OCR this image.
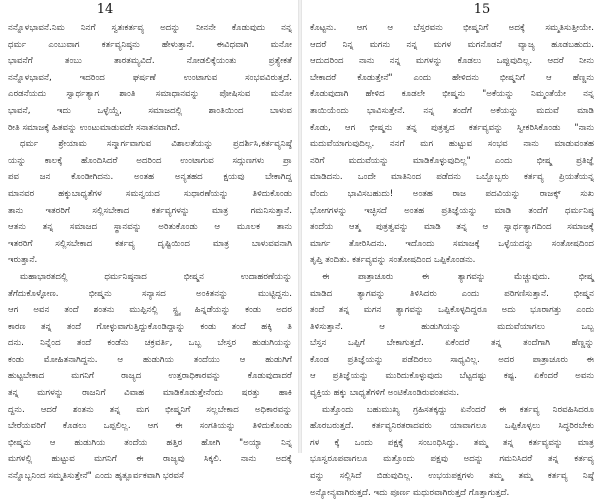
14
ನನ್ನೊಳಭಾವನೆ.ನಿಮ ನಿನಗೆ ಸ್ವತಃಕರ್ತವ್ಯ ಅದನ್ನು ನೀನನೇ ಕೊಡುವುದು ನನ್ನ
ಧರ್ಮ ಎಂಬುವಾಗ ಕರ್ತವ್ಯನಿಷ್ಠನು ಹೇಳುತ್ತಾನೆ. ಈವಿಧವಾಗಿ ಮನೋ
ಭಾವನೆಗೆ ತಂಬು ತಾರತಮ್ಯವಿದೆ. ನೋಡಲಿಕ್ಕೆಯಂತು ಪ್ರತ್ಯೇಕತೆ
ನನ್ನೊಳಭಾವನೆ, ಇದರಿಂದ ಘರ್ಷಣೆ ಉಂಟಾಗುವ ಸಂಭವವಿರುತ್ತದೆ.
ಎರಡನೆಯದು ಸ್ವಾರ್ಥತ್ಯಾಗ ಶಾಂತಿ ಸಮಾಧಾನವನ್ನು ಪೋಷಿಸುವ ಮನೋ
ಭಾವನೆ, ಇದು ಒಳ್ಳೆಯ್ದೆ, ಸಮಾಜದಲ್ಲಿ ಶಾಂತಿಯಿಂದ ಬಾಳುವ
ರೀತಿ ಸಮಾಜಕ್ಕೆ ಹಿತವನ್ನು ಉಂಟುಮಾಡುವದೇ ಸನಾತನವಾಗಿದೆ.
ಧರ್ಮ ಶ್ರೇಯಾಮ ಸನ್ಮಾರ್ಗವಾಗುವ ವಿಶಾಲತೆಯನ್ನು ಪ್ರದರ್ಶಿಸಿ,ಕರ್ತವ್ಯನಿಷ್ಠೆ
ಯನ್ನು ಕಾಲಕ್ಕೆ ಹೊಂದಿಸಿದರೆ ಅದರಿಂದ ಉಂಟಾಗುವ ಸದ್ಗುಣಗಳು ಪ್ರಾ
ಪವ ಜನ ಕೊಂಡೀಗಿದನು. ಅಂತಹ ಅನ್ಯತಹದ ಕ್ಷಯವು ಬೇಕಾಗಿದ್ದ
ಮಾನವರ ಹಕ್ಕುಬಾಧ್ಯತೆಗಳ ಸಮನ್ವಯದ ಸುಧಾರಣೆಯನ್ನು ತಿಳಿದುಕೊಂಡು
ತಾನು ಇತರರಿಗೆ ಸಲ್ಲಿಸಬೇಕಾದ ಕರ್ತವ್ಯಗಳನ್ನು ಮಾತ್ರ ಗಮನಿಸುತ್ತಾನೆ.
ಆತನು ತನ್ನ ಸಮಾಜದ ಸ್ಥಾನವನ್ನು ಅರಿತುಕೊಂಡು ಆ ಮೂಲಕ ತಾನು
ಇತರರಿಗೆ ಸಲ್ಲಿಸಬೇಕಾದ ಕರ್ತವ್ಯ ದೃಷ್ಟಿಯಿಂದ ಮಾತ್ರ ಬಾಳುವವನಾಗಿ
ಇರುತ್ತಾನೆ.
ಮಹಾಭಾರತದಲ್ಲಿ ಧರ್ಮನಿಷ್ಠನಾದ ಭೀಷ್ಮನ ಉದಾಹರಣೆಯನ್ನು
ತೆಗೆದುಕೊಳ್ಳೋಣ. ಭೀಷ್ಮನು ಸನ್ಯಾಸದ ಅಂಕಿತನನ್ನು ಮುಟ್ಟಿದ್ದನು.
ಆಗ ಅವನ ತಂದೆ ಶಂತನು ಮುಪ್ಪಿನಲ್ಲಿ ಸ್ಟ್ರ್ಯ ಹಿನ್ನಡೆಯನ್ನು ಕಂಡು ಅದರ
ಕಾರಣ ತನ್ನ ತಂದೆ ಗೋಳ್ಳುವಾಗುತ್ತಿದ್ದುಕೊಂಡಿದ್ದಾನ್ನು ಕಂಡು ತಂದೆ ಹಕ್ಕಿ ತಿ
ದನು. ನಿನ್ನೆಂದ ತಂದೆ ಕಂಡೆನು ಚಕ್ರವರ್ತಿ, ಒಬ್ಬ ಬೇಸ್ತರ ಹುಡುಗಿಯನ್ನು
ಕಂಡು ಮೋಹಿತನಾಗಿದ್ದನು. ಆ ಹುಡುಗಿಯ ತಂದೆಯು ಆ ಹುಡುಗಿಗೆ
ಹುಟ್ಟಬೇಕಾದ ಮಗನಿಗೆ ರಾಜ್ಯದ ಉತ್ತರಾಧಿಕಾರವನ್ನು ಕೊಡುವುದಾದರೆ
ತನ್ನ ಮಗಳನ್ನು ರಾಜನಿಗೆ ವಿವಾಹ ಮಾಡಿಕೊಡುತ್ತೇನೆಂದು ಷರತ್ತು ಹಾಕಿ
ದ್ದನು. ಆದರೆ ಶಂತನು ತನ್ನ ಮಗ ಭೀಷ್ಮನಿಗೆ ಸಲ್ಲಬೇಕಾದ ಅಧಿಕಾರವನ್ನು
ಬೇರೆಯವರಿಗೆ ಕೊಡಲು ಒಪ್ಪಲಿಲ್ಲ. ಆಗ ಈ ಸಂಗತಿಯನ್ನು ತಿಳಿದುಕೊಂಡು
ಭೀಷ್ಮನು ಆ ಹುಡುಗಿಯ ತಂದೆಯ ಹತ್ತಿರ ಹೋಗಿ "ಅಯ್ಯಾ ನಿನ್ನ
ಮಗಳಲ್ಲಿ ಹುಟ್ಟುವ ಮಗನಿಗೆ ಈ ರಾಜ್ಯವು ಸಿಕ್ಕಲಿ. ನಾನು ಅದಕ್ಕೆ
ನನ್ನೊಬ್ಬನಿಂದ ಸಮ್ಮತಿಸುತ್ತೇನೆ" ಎಂದು ಹೃತ್ಪೂರ್ವಕವಾಗಿ ಭರವಸೆ
15
ಕೊಟ್ಟನು. ಆಗ ಆ ಬೆಸ್ತರವನು ಭೀಷ್ಮನಿಗೆ ಅದಕ್ಕೆ ಸಮ್ಮತಿಸುತ್ತೀಯೇ.
ಆದರೆ ನಿನ್ನ ಮಗನು ನನ್ನ ಮಗಳ ಮಗನೊಡನೆ ವ್ಯಾಜ್ಯ ಹೂಡಬಹುದು.
ಆದುದರಿಂದ ನಾನು ನನ್ನ ಮಗಳನ್ನು ಕೊಡಲು ಒಪ್ಪುವುದಿಲ್ಲ. ಆದರೆ ನೀನು
ಬೇಕಾದರೆ ಕೊಡುತ್ತೇನೆ" ಎಂದು ಹೇಳಿದನು ಭೀಷ್ಮನಿಗೆ ಆ ಹೆಣ್ಣನು
ಕೊಡುವುದಾಗಿ ಹೇಳಿದ ಕೂಡಲೇ ಭೀಷ್ಮನು "ಅಕೆಯನ್ನು ನಿಮ್ಮಂತೆಯೇ ನನ್ನ
ತಾಯಿಯೆಂದು ಭಾವಿಸುತ್ತೇನೆ. ನನ್ನ ತಂದೆಗೆ ಅಕೆಯನ್ನು ಮದುವೆ ಮಾಡಿ
ಕೊಡು, ಆಗ ಭೀಷ್ಮನು ತನ್ನ ಪುತ್ರತ್ವದ ಕರ್ತವ್ಯವನ್ನು ಸ್ವೀಕರಿಸಿಕೊಂಡು "ನಾನು
ಮದುವೆಯಾಗುವುದಿಲ್ಲ. ನನಗೆ ಮಗ ಹುಟ್ಟುವ ಸಂಭವ ನಾನು ಮಾಡುವಂತಹ
ನರಿಗೆ ಮದುವೆಯನ್ನು ಮಾಡಿಕೊಳ್ಳುವುದಿಲ್ಲ" ಎಂದು ಭೀಷ್ಮ ಪ್ರತಿಜ್ಞೆ
ಮಾಡಿದನು. ಒಂದೇ ಮಾತಿನಿಂದ ಪಡೆದನು ಒಬ್ಬೊಬ್ಬರು ಕರ್ತವ್ಯ ಪ್ರಿಯತೆಯನ್ನ
ವೆಂದು ಭಾವಿಸಬಹುದು! ಅಂತಹ ರಾಜ ಪದವಿಯನ್ನು ರಾಜಕ್ಕ್ ಸುಖ
ಭೋಗಗಳನ್ನು ಇಚ್ಛಿಸದೆ ಅಂತಹ ಪ್ರತಿಜ್ಞೆಯನ್ನು ಮಾಡಿ ತಂದೆಗೆ ಧರ್ಮನಿಷ್ಠ
ತಂದೆಯ ಆತ್ಮ ಪುತ್ರತ್ವವನ್ನು ಮಾಡಿ ತನ್ನ ಆ ಸ್ವಾರ್ಥತ್ಯಾಗದಿಂದ ಸಮಾಜಕ್ಕೆ
ಮಾರ್ಗ ತೋರಿಸಿದನು. ಇದೊಂದು ಸಮಾಜಕ್ಕೆ ಒಳ್ಳೆಯದನ್ನು ಸಂತೋಷದಿಂದ
ತೃಪ್ತಿ ತಂದಿತು. ಕರ್ತವ್ಯವನ್ನು ಸಂತೋಷದಿಂದ ಒಪ್ಪಿಕೊಂಡನು.
ಈ ಪಾತ್ರಾಚೂರು ಈ ತ್ಯಾಗವನ್ನು ಮೆಚ್ಚುವುದು. ಭೀಷ್ಮ
ಮಾಡಿದ ತ್ಯಾಗವನ್ನು ತಿಳಿಸಿದರು ಎಂದು ಪರಿಗಣಿಸುತ್ತಾನೆ. ಭೀಷ್ಮನ
ತಂದೆ ತನ್ನ ಮಗನ ತ್ಯಾಗವನ್ನು ಒಪ್ಪಿಕೊಳ್ಳದಿದ್ದರೂ ಅದು ಭೂರಾಗತ್ತು ಎಂದು
ತಿಳಿಸುತ್ತಾನೆ. ಆ ಹುಡುಗಿಯನ್ನು ಮದುವೆಯಾಗಲು ಒಬ್ಬ
ಬೆಸ್ತನ ಒಪ್ಪಿಗೆ ಬೇಕಾಗುತ್ತದೆ. ಏಕೆಂದರೆ ತನ್ನ ತಂದೆಗಾಗಿ ಹೆಣ್ಣನ್ನು
ಕೊಂಡ ಪ್ರತಿಜ್ಞೆಯನ್ನು ಪಡೆದಿರಲು ಸಾಧ್ಯವಿಲ್ಲ. ಅದರ ಪಾತ್ರಾಚೂರು ಈ
ಆ ಪ್ರತಿಜ್ಞೆಯನ್ನು ಮುರಿದುಕೊಳ್ಳುವುದು ಬೆಟ್ಟದಷ್ಟು ಕಷ್ಟ. ಏಕೆಂದರೆ ಅವನು
ವ್ಯಕ್ತಿಯ ಹಕ್ಕು ಬಾಧ್ಯತೆಗಳಿಗೆ ಅಂಟಿಕೊಂಡಿರುವಂತವನು.
ಮತ್ತೊಂದು ಬಹುಮುಖ್ಯ ಗ್ರಹಿಸತಕ್ಕದ್ದು ಏನೆಂದರೆ ಈ ಕರ್ತವ್ಯ ನಿರವಹಿಸಿದರೂ
ಹೊರಬರುತ್ತದೆ. ಕರ್ತವ್ಯನಿರತರಾದವರು ಯಾವಾಗಲೂ ಒಪ್ಪಿಕೊಳ್ಳಲು ಸಿದ್ಧರಿರಬೇಕು
ಗಳ ಕ್ಕೆ ಒಂದು ಪಕ್ಷಕ್ಕೆ ಸಂಬಂಧಿಸಿದ್ದು. ತಮ್ಮ ತನ್ನ ಕರ್ತವ್ಯವನ್ನು ಮಾತ್ರ
ಭೂಸ್ವರೂಪವಾಗಲೂ ಮತ್ತೊಂದು ಪಕ್ಷವು ಅದನ್ನು ಗಮನಿಸಿದರೆ ತನ್ನ ಕರ್ತವ್ಯ
ವನ್ನು ಸಲ್ಲಿಸಿದೆ ಬಿಡುವುದಿಲ್ಲ. ಉಭಯಪಕ್ಷಗಳು ತಮ್ಮ ತಮ್ಮ ಕರ್ತವ್ಯ ನಿಷ್ಠೆ
ಅನ್ಯೋನ್ಯವಾಗಿರುತ್ತದೆ. ಇದು ಪೂರ್ಣ ಮಧುರವಾಗಿರುತ್ತದೆ ಗೊತ್ತಾಗುತ್ತದೆ.
